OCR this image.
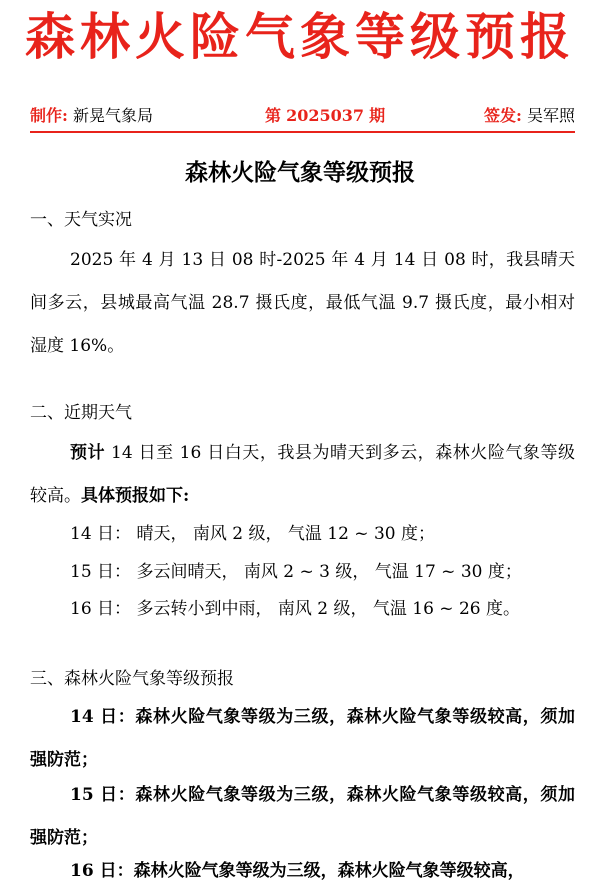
森林火险气象等级预报
制作: 新晃气象局	第 2025037 期	签发: 吴军照
森林火险气象等级预报
一、天气实况
2025 年 4 月 13 日 08 时-2025 年 4 月 14 日 08 时，我县晴天间多云，县城最高气温 28.7 摄氏度，最低气温 9.7 摄氏度，最小相对湿度 16%。
二、近期天气
预计 14 日至 16 日白天，我县为晴天到多云，森林火险气象等级较高。具体预报如下:
14 日： 晴天， 南风 2 级， 气温 12 ~ 30 度；
15 日： 多云间晴天， 南风 2 ~ 3 级， 气温 17 ~ 30 度；
16 日： 多云转小到中雨， 南风 2 级， 气温 16 ~ 26 度。
三、森林火险气象等级预报
14 日：森林火险气象等级为三级，森林火险气象等级较高，须加强防范；
15 日：森林火险气象等级为三级，森林火险气象等级较高，须加强防范；
16 日：森林火险气象等级为三级，森林火险气象等级较高，
